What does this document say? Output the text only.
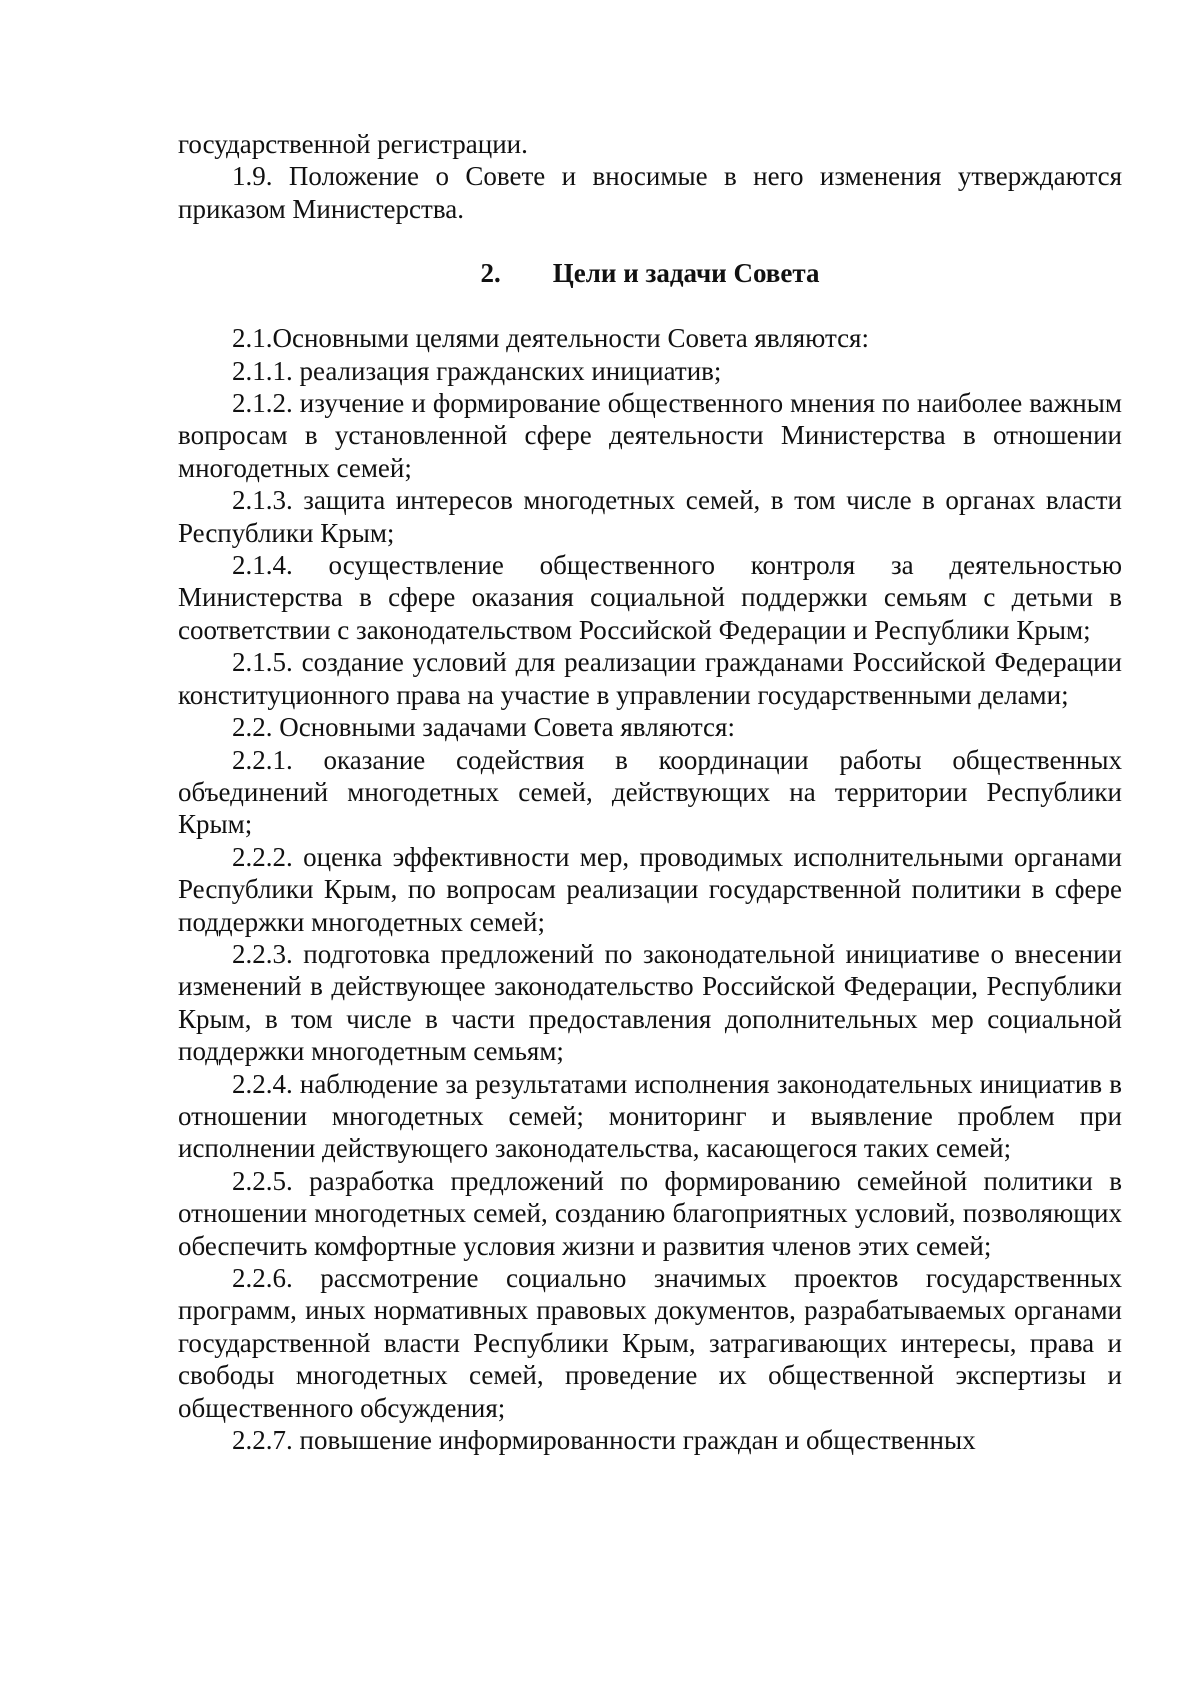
государственной регистрации.

1.9. Положение о Совете и вносимые в него изменения утверждаются приказом Министерства.

2. Цели и задачи Совета

2.1.Основными целями деятельности Совета являются:

2.1.1. реализация гражданских инициатив;

2.1.2. изучение и формирование общественного мнения по наиболее важным вопросам в установленной сфере деятельности Министерства в отношении многодетных семей;

2.1.3. защита интересов многодетных семей, в том числе в органах власти Республики Крым;

2.1.4. осуществление общественного контроля за деятельностью Министерства в сфере оказания социальной поддержки семьям с детьми в соответствии с законодательством Российской Федерации и Республики Крым;

2.1.5. создание условий для реализации гражданами Российской Федерации конституционного права на участие в управлении государственными делами;

2.2. Основными задачами Совета являются:

2.2.1. оказание содействия в координации работы общественных объединений многодетных семей, действующих на территории Республики Крым;

2.2.2. оценка эффективности мер, проводимых исполнительными органами Республики Крым, по вопросам реализации государственной политики в сфере поддержки многодетных семей;

2.2.3. подготовка предложений по законодательной инициативе о внесении изменений в действующее законодательство Российской Федерации, Республики Крым, в том числе в части предоставления дополнительных мер социальной поддержки многодетным семьям;

2.2.4. наблюдение за результатами исполнения законодательных инициатив в отношении многодетных семей; мониторинг и выявление проблем при исполнении действующего законодательства, касающегося таких семей;

2.2.5. разработка предложений по формированию семейной политики в отношении многодетных семей, созданию благоприятных условий, позволяющих обеспечить комфортные условия жизни и развития членов этих семей;

2.2.6. рассмотрение социально значимых проектов государственных программ, иных нормативных правовых документов, разрабатываемых органами государственной власти Республики Крым, затрагивающих интересы, права и свободы многодетных семей, проведение их общественной экспертизы и общественного обсуждения;

2.2.7. повышение информированности граждан и общественных
